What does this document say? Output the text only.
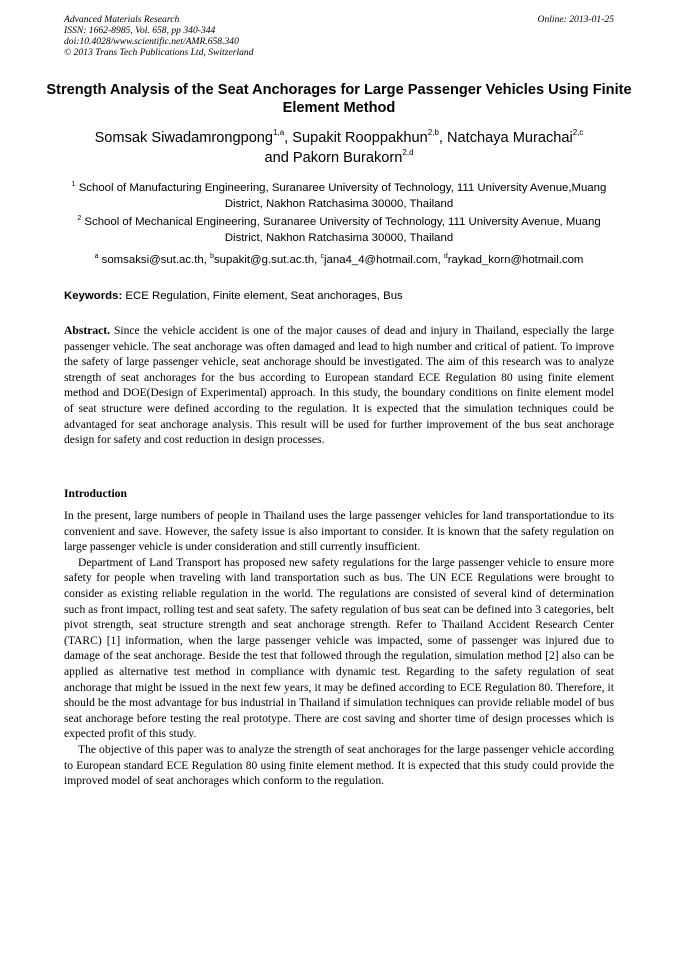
Advanced Materials Research
ISSN: 1662-8985, Vol. 658, pp 340-344
doi:10.4028/www.scientific.net/AMR.658.340
© 2013 Trans Tech Publications Ltd, Switzerland
Online: 2013-01-25
Strength Analysis of the Seat Anchorages for Large Passenger Vehicles Using Finite Element Method
Somsak Siwadamrongpong$^{1,a}$, Supakit Rooppakhun$^{2,b}$, Natchaya Murachai$^{2,c}$
and Pakorn Burakorn$^{2,d}$
$^1$ School of Manufacturing Engineering, Suranaree University of Technology, 111 University Avenue,Muang District, Nakhon Ratchasima 30000, Thailand
$^2$ School of Mechanical Engineering, Suranaree University of Technology, 111 University Avenue, Muang District, Nakhon Ratchasima 30000, Thailand
$^a$ somsaksi@sut.ac.th, $^b$supakit@g.sut.ac.th, $^c$jana4_4@hotmail.com, $^d$raykad_korn@hotmail.com
Keywords: ECE Regulation, Finite element, Seat anchorages, Bus
Abstract. Since the vehicle accident is one of the major causes of dead and injury in Thailand, especially the large passenger vehicle. The seat anchorage was often damaged and lead to high number and critical of patient. To improve the safety of large passenger vehicle, seat anchorage should be investigated. The aim of this research was to analyze strength of seat anchorages for the bus according to European standard ECE Regulation 80 using finite element method and DOE(Design of Experimental) approach. In this study, the boundary conditions on finite element model of seat structure were defined according to the regulation. It is expected that the simulation techniques could be advantaged for seat anchorage analysis. This result will be used for further improvement of the bus seat anchorage design for safety and cost reduction in design processes.
Introduction

In the present, large numbers of people in Thailand uses the large passenger vehicles for land transportationdue to its convenient and save. However, the safety issue is also important to consider. It is known that the safety regulation on large passenger vehicle is under consideration and still currently insufficient.

Department of Land Transport has proposed new safety regulations for the large passenger vehicle to ensure more safety for people when traveling with land transportation such as bus. The UN ECE Regulations were brought to consider as existing reliable regulation in the world. The regulations are consisted of several kind of determination such as front impact, rolling test and seat safety. The safety regulation of bus seat can be defined into 3 categories, belt pivot strength, seat structure strength and seat anchorage strength. Refer to Thailand Accident Research Center (TARC) [1] information, when the large passenger vehicle was impacted, some of passenger was injured due to damage of the seat anchorage. Beside the test that followed through the regulation, simulation method [2] also can be applied as alternative test method in compliance with dynamic test. Regarding to the safety regulation of seat anchorage that might be issued in the next few years, it may be defined according to ECE Regulation 80. Therefore, it should be the most advantage for bus industrial in Thailand if simulation techniques can provide reliable model of bus seat anchorage before testing the real prototype. There are cost saving and shorter time of design processes which is expected profit of this study.

The objective of this paper was to analyze the strength of seat anchorages for the large passenger vehicle according to European standard ECE Regulation 80 using finite element method. It is expected that this study could provide the improved model of seat anchorages which conform to the regulation.
